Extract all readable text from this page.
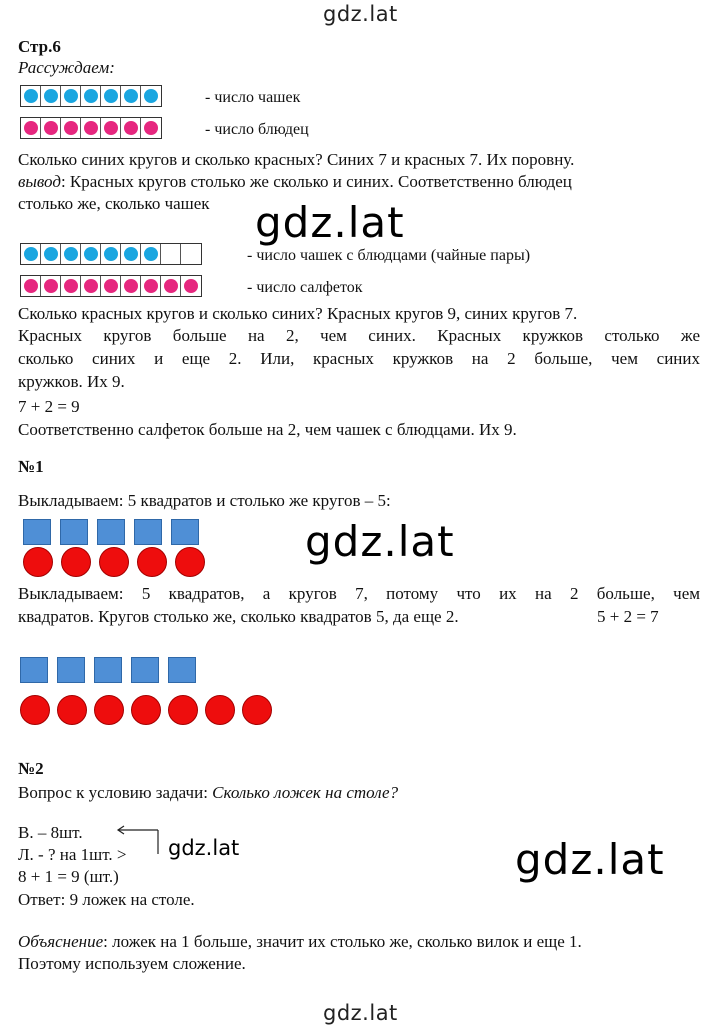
gdz.lat
gdz.lat
gdz.lat
gdz.lat
gdz.lat
gdz.lat
Стр.6
Рассуждаем:
- число чашек
- число блюдец
Сколько синих кругов и сколько красных? Синих 7 и красных 7. Их поровну.
вывод: Красных кругов столько же сколько и синих. Соответственно блюдец
столько же, сколько чашек
- число чашек с блюдцами (чайные пары)
- число салфеток
Сколько красных кругов и сколько синих? Красных кругов 9, синих кругов 7.
Красных кругов больше на 2, чем синих. Красных кружков столько же
сколько синих и еще 2. Или, красных кружков на 2 больше, чем синих
кружков. Их 9.
7 + 2 = 9
Соответственно салфеток больше на 2, чем чашек с блюдцами. Их 9.
№1
Выкладываем: 5 квадратов и столько же кругов – 5:
Выкладываем: 5 квадратов, а кругов 7, потому что их на 2 больше, чем
квадратов. Кругов столько же, сколько квадратов 5, да еще 2.	5 + 2 = 7
№2
Вопрос к условию задачи: Сколько ложек на столе?
В. – 8шт.
Л. - ? на 1шт. >
8 + 1 = 9 (шт.)
Ответ: 9 ложек на столе.
Объяснение: ложек на 1 больше, значит их столько же, сколько вилок и еще 1.
Поэтому используем сложение.
